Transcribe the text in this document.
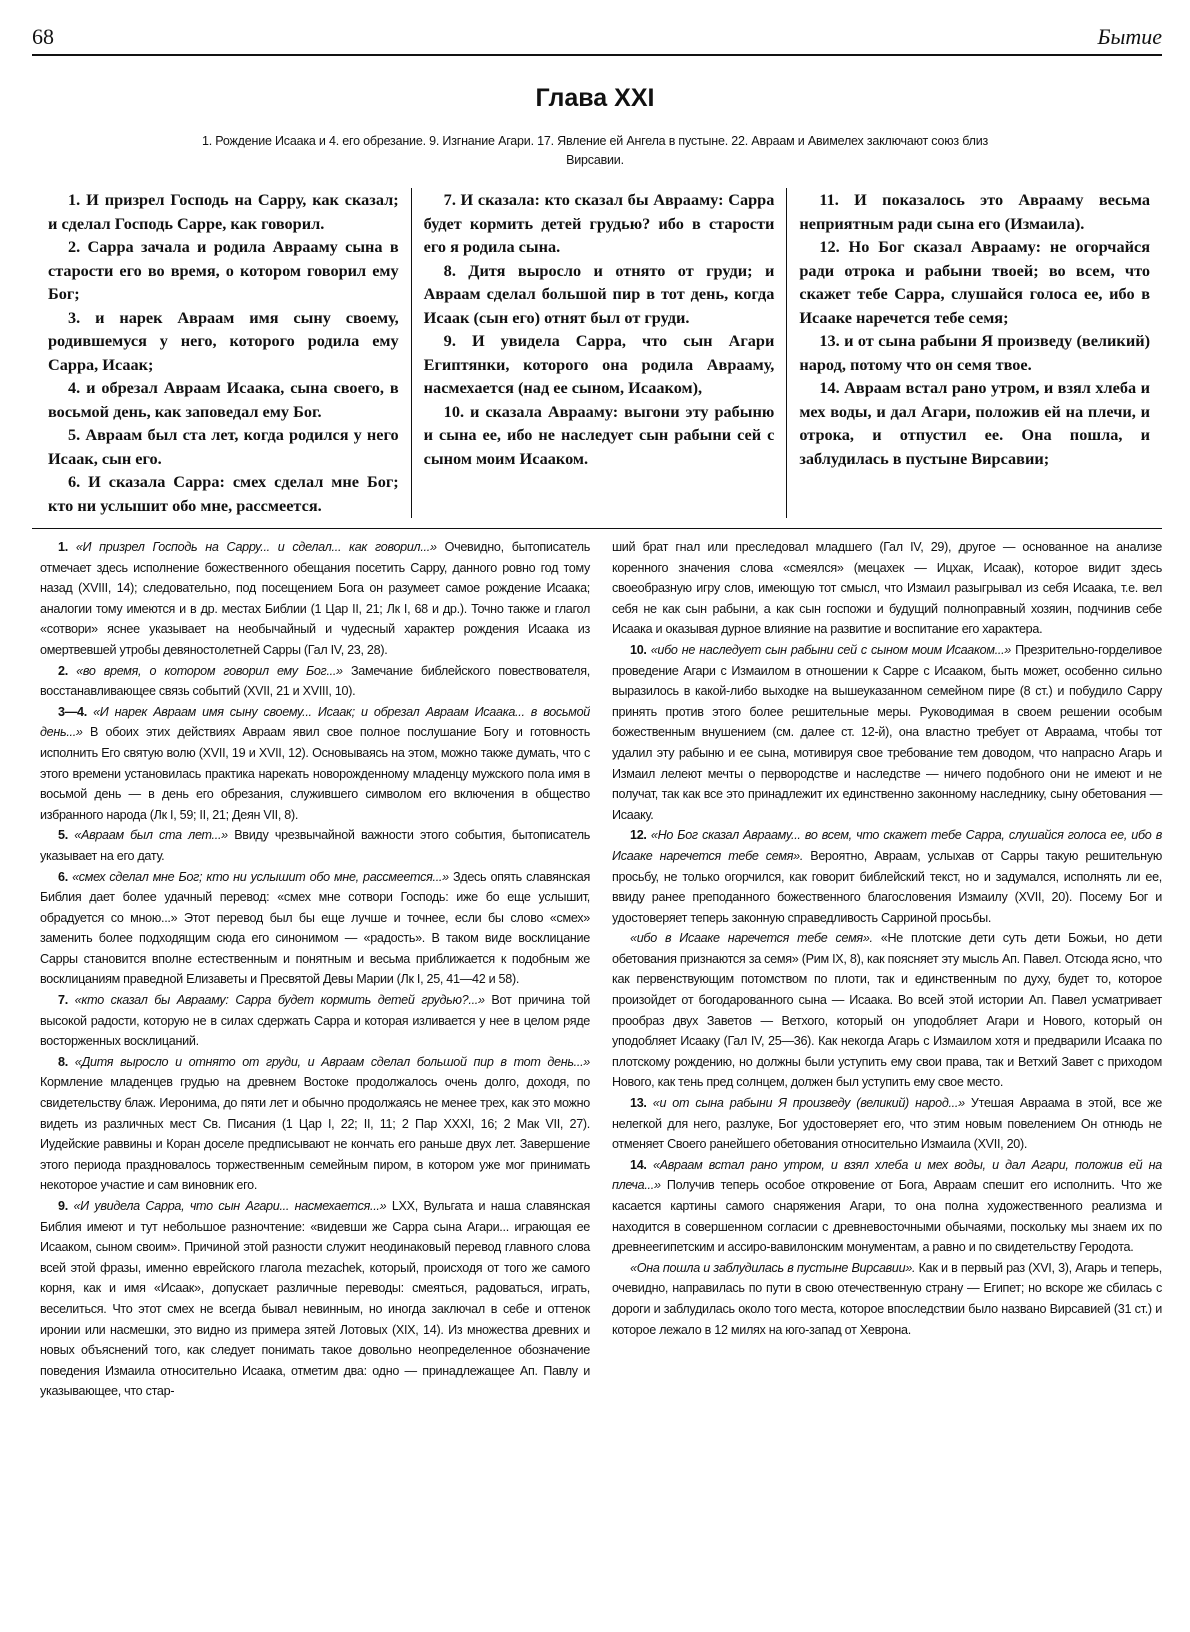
68	Бытие
Глава XXI
1. Рождение Исаака и 4. его обрезание. 9. Изгнание Агари. 17. Явление ей Ангела в пустыне. 22. Авраам и Авимелех заключают союз близ Вирсавии.

1. И призрел Господь на Сарру, как сказал; и сделал Господь Сарре, как говорил.

2. Сарра зачала и родила Аврааму сына в старости его во время, о котором говорил ему Бог;

3. и нарек Авраам имя сыну своему, родившемуся у него, которого родила ему Сарра, Исаак;

4. и обрезал Авраам Исаака, сына своего, в восьмой день, как заповедал ему Бог.

5. Авраам был ста лет, когда родился у него Исаак, сын его.

6. И сказала Сарра: смех сделал мне Бог; кто ни услышит обо мне, рассмеется.

7. И сказала: кто сказал бы Аврааму: Сарра будет кормить детей грудью? ибо в старости его я родила сына.

8. Дитя выросло и отнято от груди; и Авраам сделал большой пир в тот день, когда Исаак (сын его) отнят был от груди.

9. И увидела Сарра, что сын Агари Египтянки, которого она родила Аврааму, насмехается (над ее сыном, Исааком),

10. и сказала Аврааму: выгони эту рабыню и сына ее, ибо не наследует сын рабыни сей с сыном моим Исааком.

11. И показалось это Аврааму весьма неприятным ради сына его (Измаила).

12. Но Бог сказал Аврааму: не огорчайся ради отрока и рабыни твоей; во всем, что скажет тебе Сарра, слушайся голоса ее, ибо в Исааке наречется тебе семя;

13. и от сына рабыни Я произведу (великий) народ, потому что он семя твое.

14. Авраам встал рано утром, и взял хлеба и мех воды, и дал Агари, положив ей на плечи, и отрока, и отпустил ее. Она пошла, и заблудилась в пустыне Вирсавии;

1. «И призрел Господь на Сарру... и сделал... как говорил...» Очевидно, бытописатель отмечает здесь исполнение божественного обещания посетить Сарру, данного ровно год тому назад (XVIII, 14); следовательно, под посещением Бога он разумеет самое рождение Исаака; аналогии тому имеются и в др. местах Библии (1 Цар II, 21; Лк I, 68 и др.). Точно также и глагол «сотвори» яснее указывает на необычайный и чудесный характер рождения Исаака из омертвевшей утробы девяностолетней Сарры (Гал IV, 23, 28).

2. «во время, о котором говорил ему Бог...» Замечание библейского повествователя, восстанавливающее связь событий (XVII, 21 и XVIII, 10).

3—4. «И нарек Авраам имя сыну своему... Исаак; и обрезал Авраам Исаака... в восьмой день...» В обоих этих действиях Авраам явил свое полное послушание Богу и готовность исполнить Его святую волю (XVII, 19 и XVII, 12). Основываясь на этом, можно также думать, что с этого времени установилась практика нарекать новорожденному младенцу мужского пола имя в восьмой день — в день его обрезания, служившего символом его включения в общество избранного народа (Лк I, 59; II, 21; Деян VII, 8).

5. «Авраам был ста лет...» Ввиду чрезвычайной важности этого события, бытописатель указывает на его дату.

6. «смех сделал мне Бог; кто ни услышит обо мне, рассмеется...» Здесь опять славянская Библия дает более удачный перевод: «смех мне сотвори Господь: иже бо еще услышит, обрадуется со мною...» Этот перевод был бы еще лучше и точнее, если бы слово «смех» заменить более подходящим сюда его синонимом — «радость». В таком виде восклицание Сарры становится вполне естественным и понятным и весьма приближается к подобным же восклицаниям праведной Елизаветы и Пресвятой Девы Марии (Лк I, 25, 41—42 и 58).

7. «кто сказал бы Аврааму: Сарра будет кормить детей грудью?...» Вот причина той высокой радости, которую не в силах сдержать Сарра и которая изливается у нее в целом ряде восторженных восклицаний.

8. «Дитя выросло и отнято от груди, и Авраам сделал большой пир в тот день...» Кормление младенцев грудью на древнем Востоке продолжалось очень долго, доходя, по свидетельству блаж. Иеронима, до пяти лет и обычно продолжаясь не менее трех, как это можно видеть из различных мест Св. Писания (1 Цар I, 22; II, 11; 2 Пар XXXI, 16; 2 Мак VII, 27). Иудейские раввины и Коран доселе предписывают не кончать его раньше двух лет. Завершение этого периода праздновалось торжественным семейным пиром, в котором уже мог принимать некоторое участие и сам виновник его.

9. «И увидела Сарра, что сын Агари... насмехается...» LXX, Вульгата и наша славянская Библия имеют и тут небольшое разночтение: «видевши же Сарра сына Агари... играющая ее Исааком, сыном своим». Причиной этой разности служит неодинаковый перевод главного слова всей этой фразы, именно еврейского глагола mezachek, который, происходя от того же самого корня, как и имя «Исаак», допускает различные переводы: смеяться, радоваться, играть, веселиться. Что этот смех не всегда бывал невинным, но иногда заключал в себе и оттенок иронии или насмешки, это видно из примера зятей Лотовых (XIX, 14). Из множества древних и новых объяснений того, как следует понимать такое довольно неопределенное обозначение поведения Измаила относительно Исаака, отметим два: одно — принадлежащее Ап. Павлу и указывающее, что стар-

ший брат гнал или преследовал младшего (Гал IV, 29), другое — основанное на анализе коренного значения слова «смеялся» (мецахек — Ицхак, Исаак), которое видит здесь своеобразную игру слов, имеющую тот смысл, что Измаил разыгрывал из себя Исаака, т.е. вел себя не как сын рабыни, а как сын госпожи и будущий полноправный хозяин, подчинив себе Исаака и оказывая дурное влияние на развитие и воспитание его характера.

10. «ибо не наследует сын рабыни сей с сыном моим Исааком...» Презрительно-горделивое проведение Агари с Измаилом в отношении к Сарре с Исааком, быть может, особенно сильно выразилось в какой-либо выходке на вышеуказанном семейном пире (8 ст.) и побудило Сарру принять против этого более решительные меры. Руководимая в своем решении особым божественным внушением (см. далее ст. 12-й), она властно требует от Авраама, чтобы тот удалил эту рабыню и ее сына, мотивируя свое требование тем доводом, что напрасно Агарь и Измаил лелеют мечты о первородстве и наследстве — ничего подобного они не имеют и не получат, так как все это принадлежит их единственно законному наследнику, сыну обетования — Исааку.

12. «Но Бог сказал Аврааму... во всем, что скажет тебе Сарра, слушайся голоса ее, ибо в Исааке наречется тебе семя». Вероятно, Авраам, услыхав от Сарры такую решительную просьбу, не только огорчился, как говорит библейский текст, но и задумался, исполнять ли ее, ввиду ранее преподанного божественного благословения Измаилу (XVII, 20). Посему Бог и удостоверяет теперь законную справедливость Сарриной просьбы.

«ибо в Исааке наречется тебе семя». «Не плотские дети суть дети Божьи, но дети обетования признаются за семя» (Рим IX, 8), как поясняет эту мысль Ап. Павел. Отсюда ясно, что как первенствующим потомством по плоти, так и единственным по духу, будет то, которое произойдет от богодарованного сына — Исаака. Во всей этой истории Ап. Павел усматривает прообраз двух Заветов — Ветхого, который он уподобляет Агари и Нового, который он уподобляет Исааку (Гал IV, 25—36). Как некогда Агарь с Измаилом хотя и предварили Исаака по плотскому рождению, но должны были уступить ему свои права, так и Ветхий Завет с приходом Нового, как тень пред солнцем, должен был уступить ему свое место.

13. «и от сына рабыни Я произведу (великий) народ...» Утешая Авраама в этой, все же нелегкой для него, разлуке, Бог удостоверяет его, что этим новым повелением Он отнюдь не отменяет Своего ранейшего обетования относительно Измаила (XVII, 20).

14. «Авраам встал рано утром, и взял хлеба и мех воды, и дал Агари, положив ей на плеча...» Получив теперь особое откровение от Бога, Авраам спешит его исполнить. Что же касается картины самого снаряжения Агари, то она полна художественного реализма и находится в совершенном согласии с древневосточными обычаями, поскольку мы знаем их по древнеегипетским и ассиро-вавилонским монументам, а равно и по свидетельству Геродота.

«Она пошла и заблудилась в пустыне Вирсавии». Как и в первый раз (XVI, 3), Агарь и теперь, очевидно, направилась по пути в свою отечественную страну — Египет; но вскоре же сбилась с дороги и заблудилась около того места, которое впоследствии было названо Вирсавией (31 ст.) и которое лежало в 12 милях на юго-запад от Хеврона.
